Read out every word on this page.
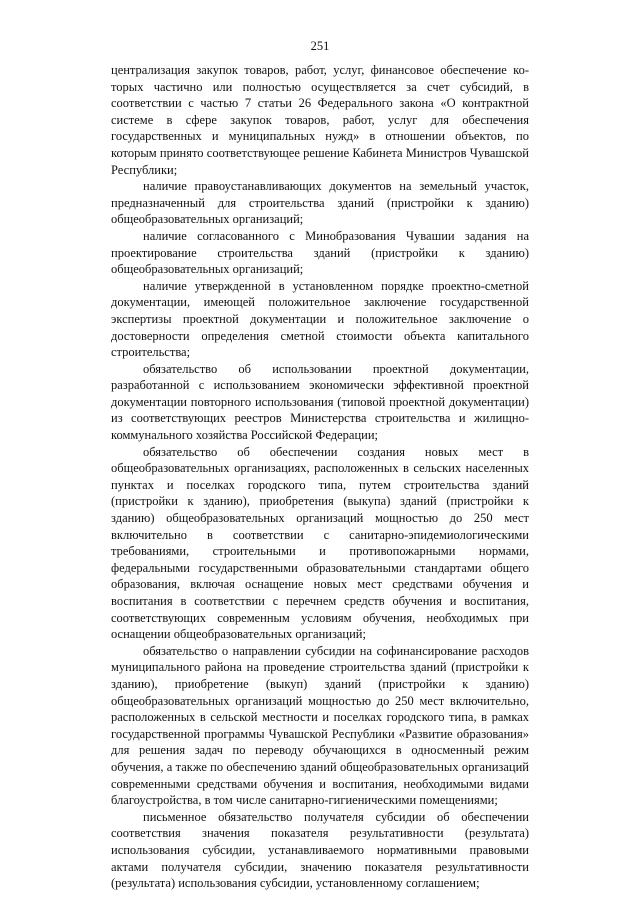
251

централизация закупок товаров, работ, услуг, финансовое обеспечение которых частично или полностью осуществляется за счет субсидий, в соответствии с частью 7 статьи 26 Федерального закона «О контрактной системе в сфере закупок товаров, работ, услуг для обеспечения государственных и муниципальных нужд» в отношении объектов, по которым принято соответствующее решение Кабинета Министров Чувашской Республики;

наличие правоустанавливающих документов на земельный участок, предназначенный для строительства зданий (пристройки к зданию) общеобразовательных организаций;

наличие согласованного с Минобразования Чувашии задания на проектирование строительства зданий (пристройки к зданию) общеобразовательных организаций;

наличие утвержденной в установленном порядке проектно-сметной документации, имеющей положительное заключение государственной экспертизы проектной документации и положительное заключение о достоверности определения сметной стоимости объекта капитального строительства;

обязательство об использовании проектной документации, разработанной с использованием экономически эффективной проектной документации повторного использования (типовой проектной документации) из соответствующих реестров Министерства строительства и жилищно-коммунального хозяйства Российской Федерации;

обязательство об обеспечении создания новых мест в общеобразовательных организациях, расположенных в сельских населенных пунктах и поселках городского типа, путем строительства зданий (пристройки к зданию), приобретения (выкупа) зданий (пристройки к зданию) общеобразовательных организаций мощностью до 250 мест включительно в соответствии с санитарно-эпидемиологическими требованиями, строительными и противопожарными нормами, федеральными государственными образовательными стандартами общего образования, включая оснащение новых мест средствами обучения и воспитания в соответствии с перечнем средств обучения и воспитания, соответствующих современным условиям обучения, необходимых при оснащении общеобразовательных организаций;

обязательство о направлении субсидии на софинансирование расходов муниципального района на проведение строительства зданий (пристройки к зданию), приобретение (выкуп) зданий (пристройки к зданию) общеобразовательных организаций мощностью до 250 мест включительно, расположенных в сельской местности и поселках городского типа, в рамках государственной программы Чувашской Республики «Развитие образования» для решения задач по переводу обучающихся в односменный режим обучения, а также по обеспечению зданий общеобразовательных организаций современными средствами обучения и воспитания, необходимыми видами благоустройства, в том числе санитарно-гигиеническими помещениями;

письменное обязательство получателя субсидии об обеспечении соответствия значения показателя результативности (результата) использования субсидии, устанавливаемого нормативными правовыми актами получателя субсидии, значению показателя результативности (результата) использования субсидии, установленному соглашением;
